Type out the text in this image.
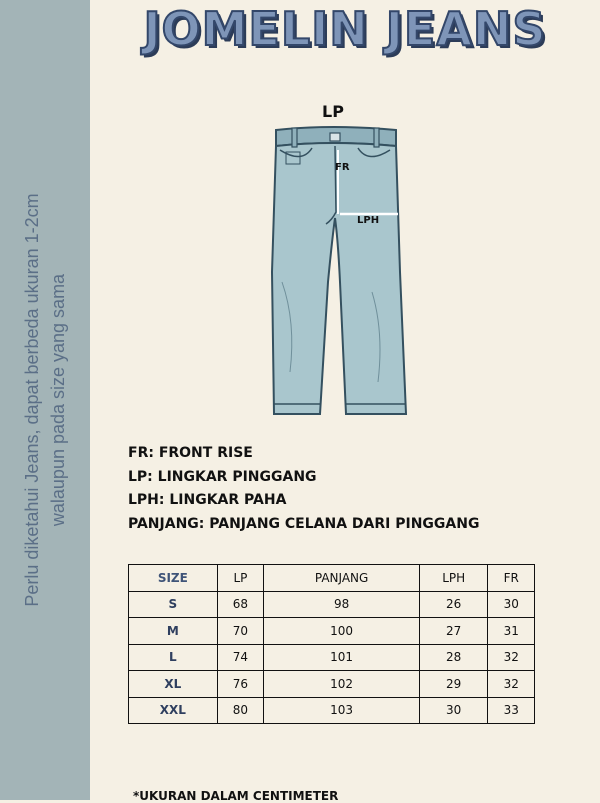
Perlu diketahui Jeans, dapat berbeda ukuran 1-2cm walaupun pada size yang sama
JOMELIN JEANS
LP
FR
LPH
FR: FRONT RISE
LP: LINGKAR PINGGANG
LPH: LINGKAR PAHA
PANJANG: PANJANG CELANA DARI PINGGANG
SIZE	LP	PANJANG	LPH	FR
S	68	98	26	30
M	70	100	27	31
L	74	101	28	32
XL	76	102	29	32
XXL	80	103	30	33
*UKURAN DALAM CENTIMETER
